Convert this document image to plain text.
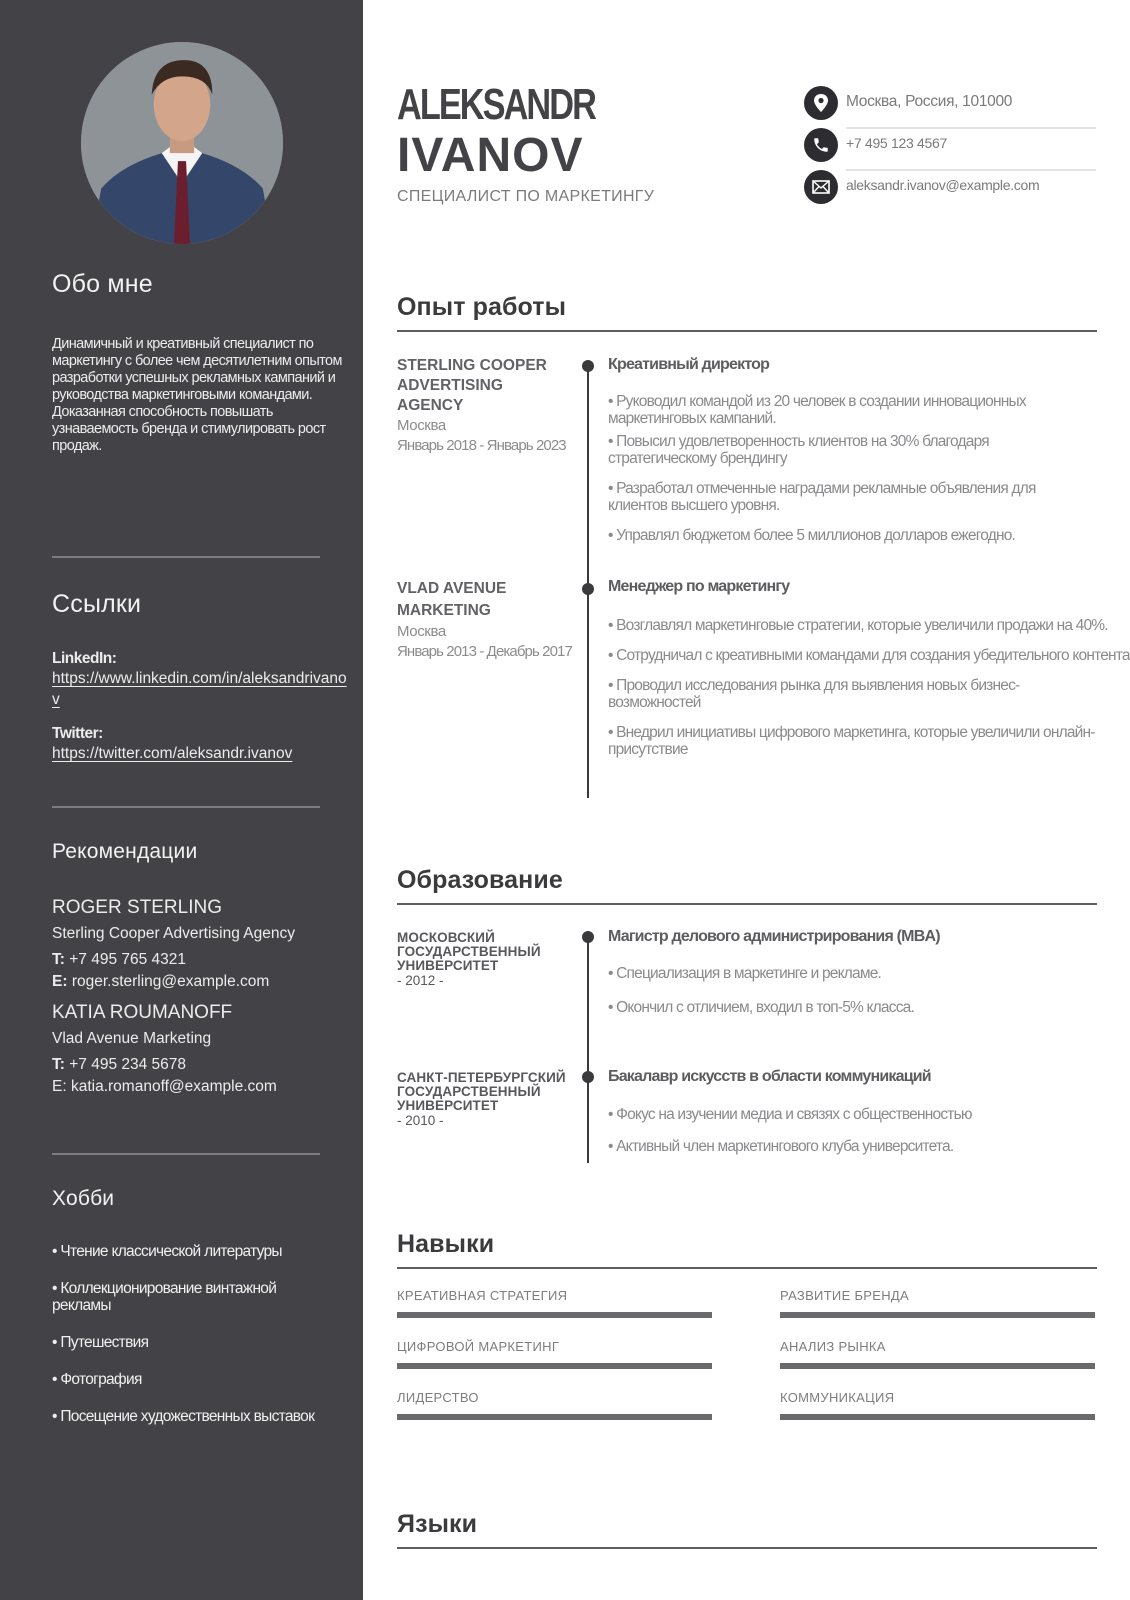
Обо мне

Динамичный и креативный специалист по маркетингу с более чем десятилетним опытом разработки успешных рекламных кампаний и руководства маркетинговыми командами. Доказанная способность повышать узнаваемость бренда и стимулировать рост продаж.

Ссылки
LinkedIn:
https://www.linkedin.com/in/aleksandrivanov
Twitter:
https://twitter.com/aleksandr.ivanov
Рекомендации
ROGER STERLING
Sterling Cooper Advertising Agency
T: +7 495 765 4321
E: roger.sterling@example.com
KATIA ROUMANOFF
Vlad Avenue Marketing
T: +7 495 234 5678
E: katia.romanoff@example.com
Хобби
• Чтение классической литературы
• Коллекционирование винтажной рекламы
• Путешествия
• Фотография
• Посещение художественных выставок
ALEKSANDR
IVANOV
СПЕЦИАЛИСТ ПО МАРКЕТИНГУ
Москва, Россия, 101000
+7 495 123 4567
aleksandr.ivanov@example.com
Опыт работы
STERLING COOPER ADVERTISING AGENCY
Москва
Январь 2018 - Январь 2023
Креативный директор
• Руководил командой из 20 человек в создании инновационных маркетинговых кампаний.
• Повысил удовлетворенность клиентов на 30% благодаря стратегическому брендингу
• Разработал отмеченные наградами рекламные объявления для клиентов высшего уровня.
• Управлял бюджетом более 5 миллионов долларов ежегодно.
VLAD AVENUE MARKETING
Москва
Январь 2013 - Декабрь 2017
Менеджер по маркетингу
• Возглавлял маркетинговые стратегии, которые увеличили продажи на 40%.
• Сотрудничал с креативными командами для создания убедительного контента
• Проводил исследования рынка для выявления новых бизнес-возможностей
• Внедрил инициативы цифрового маркетинга, которые увеличили онлайн-присутствие
Образование
МОСКОВСКИЙ ГОСУДАРСТВЕННЫЙ УНИВЕРСИТЕТ
- 2012 -
Магистр делового администрирования (MBA)
• Специализация в маркетинге и рекламе.
• Окончил с отличием, входил в топ-5% класса.
САНКТ-ПЕТЕРБУРГСКИЙ ГОСУДАРСТВЕННЫЙ УНИВЕРСИТЕТ
- 2010 -
Бакалавр искусств в области коммуникаций
• Фокус на изучении медиа и связях с общественностью
• Активный член маркетингового клуба университета.
Навыки
КРЕАТИВНАЯ СТРАТЕГИЯ	РАЗВИТИЕ БРЕНДА
ЦИФРОВОЙ МАРКЕТИНГ	АНАЛИЗ РЫНКА
ЛИДЕРСТВО	КОММУНИКАЦИЯ
Языки
